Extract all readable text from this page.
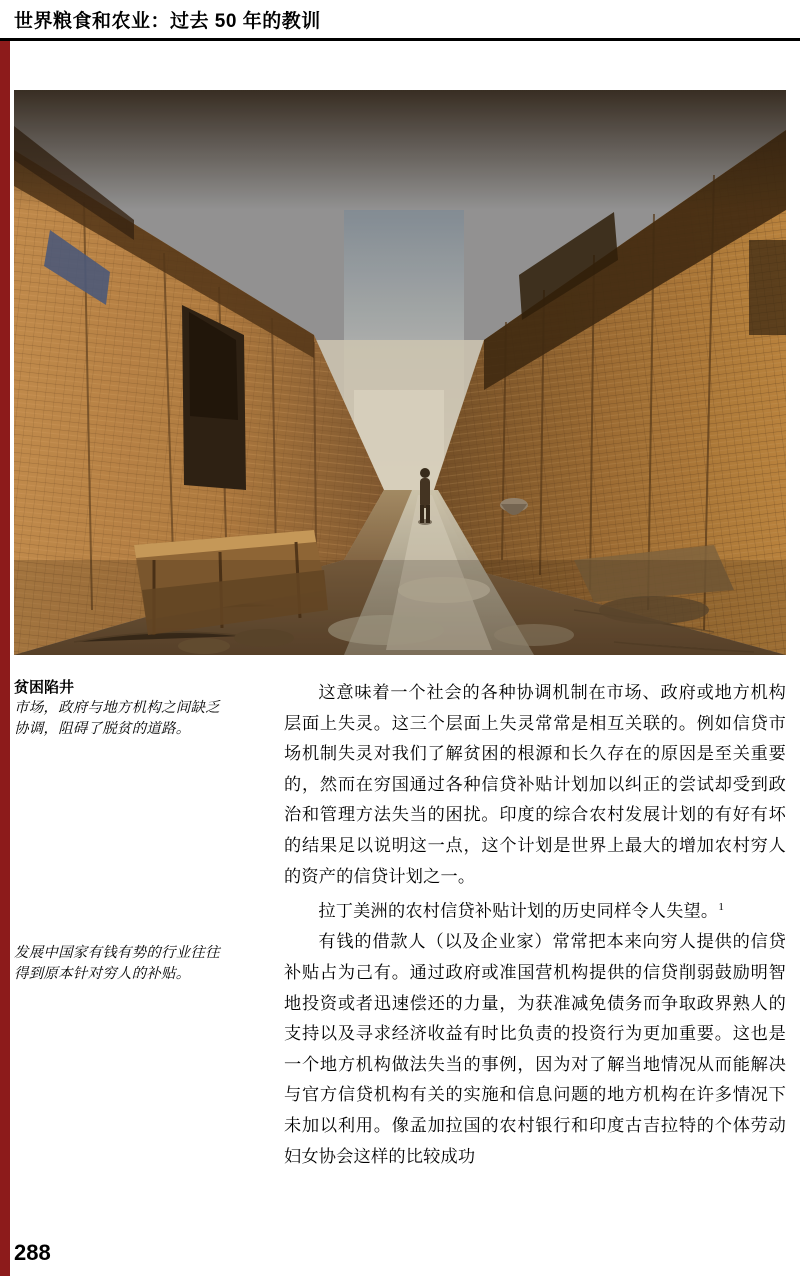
世界粮食和农业：过去 50 年的教训

贫困陷井

市场，政府与地方机构之间缺乏协调，阻碍了脱贫的道路。

发展中国家有钱有势的行业往往得到原本针对穷人的补贴。

这意味着一个社会的各种协调机制在市场、政府或地方机构层面上失灵。这三个层面上失灵常常是相互关联的。例如信贷市场机制失灵对我们了解贫困的根源和长久存在的原因是至关重要的，然而在穷国通过各种信贷补贴计划加以纠正的尝试却受到政治和管理方法失当的困扰。印度的综合农村发展计划的有好有坏的结果足以说明这一点，这个计划是世界上最大的增加农村穷人的资产的信贷计划之一。

拉丁美洲的农村信贷补贴计划的历史同样令人失望。$^1$

有钱的借款人（以及企业家）常常把本来向穷人提供的信贷补贴占为己有。通过政府或准国营机构提供的信贷削弱鼓励明智地投资或者迅速偿还的力量，为获准减免债务而争取政界熟人的支持以及寻求经济收益有时比负责的投资行为更加重要。这也是一个地方机构做法失当的事例，因为对了解当地情况从而能解决与官方信贷机构有关的实施和信息问题的地方机构在许多情况下未加以利用。像孟加拉国的农村银行和印度古吉拉特的个体劳动妇女协会这样的比较成功

288
